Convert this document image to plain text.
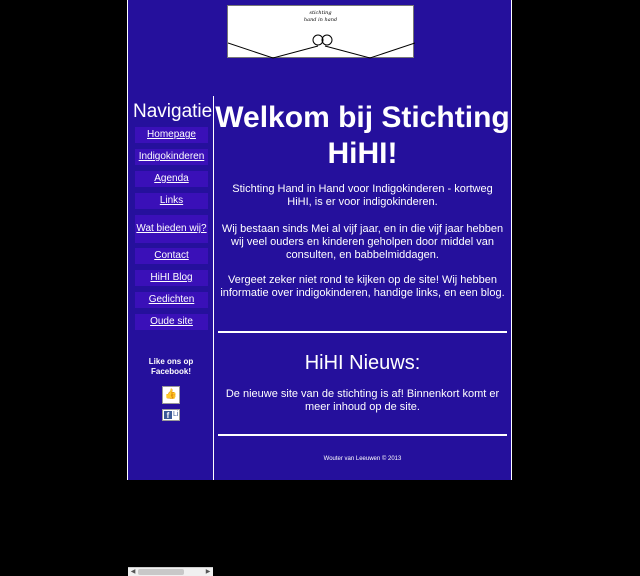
stichting
hand in hand
Navigatie
Homepage
Indigokinderen
Agenda
Links
Wat bieden wij?
Contact
HiHI Blog
Gedichten
Oude site
Like ons op Facebook!
👍
f Li
◀	▶
Welkom bij Stichting HiHI!
Stichting Hand in Hand voor Indigokinderen - kortweg HiHI, is er voor indigokinderen.
Wij bestaan sinds Mei al vijf jaar, en in die vijf jaar hebben wij veel ouders en kinderen geholpen door middel van consulten, en babbelmiddagen.
Vergeet zeker niet rond te kijken op de site! Wij hebben informatie over indigokinderen, handige links, en een blog.
HiHI Nieuws:
De nieuwe site van de stichting is af! Binnenkort komt er meer inhoud op de site.
Wouter van Leeuwen © 2013
